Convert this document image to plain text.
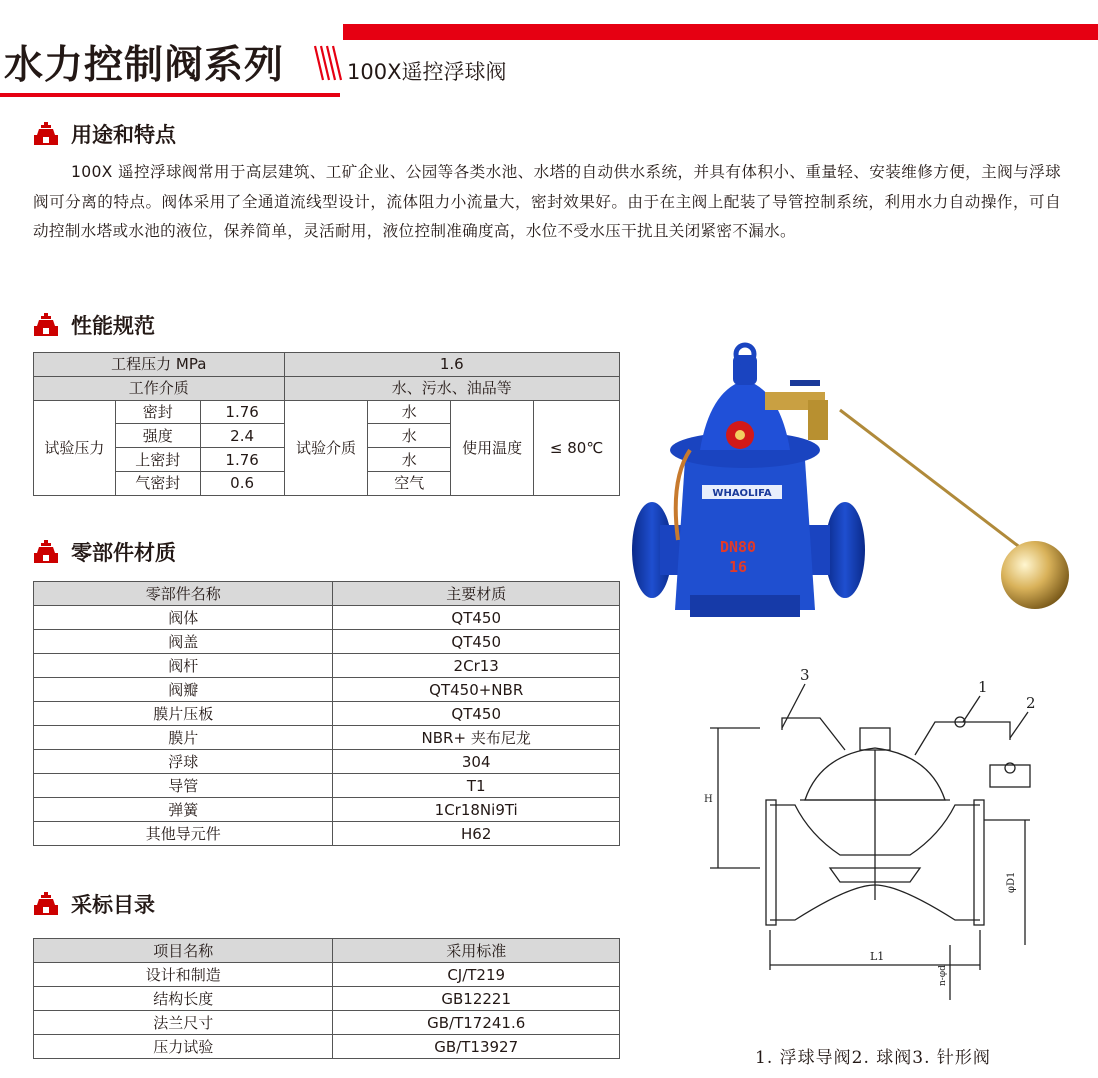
水力控制阀系列	100X遥控浮球阀
用途和特点

100X 遥控浮球阀常用于高层建筑、工矿企业、公园等各类水池、水塔的自动供水系统，并具有体积小、重量轻、安装维修方便，主阀与浮球阀可分离的特点。阀体采用了全通道流线型设计，流体阻力小流量大，密封效果好。由于在主阀上配装了导管控制系统，利用水力自动操作，可自动控制水塔或水池的液位，保养简单，灵活耐用，液位控制准确度高，水位不受水压干扰且关闭紧密不漏水。

性能规范
工程压力 MPa			1.6			
工作介质			水、污水、油品等			
试验压力	密封	1.76	试验介质	水	使用温度	≤ 80℃
	强度	2.4		水		
	上密封	1.76		水		
	气密封	0.6		空气		
零部件材质
零部件名称	主要材质
阀体	QT450
阀盖	QT450
阀杆	2Cr13
阀瓣	QT450+NBR
膜片压板	QT450
膜片	NBR+ 夹布尼龙
浮球	304
导管	T1
弹簧	1Cr18Ni9Ti
其他导元件	H62
采标目录
项目名称	采用标准
设计和制造	CJ/T219
结构长度	GB12221
法兰尺寸	GB/T17241.6
压力试验	GB/T13927
WHAOLIFA
DN80
16
H
3
1
2
L1
φD1
n-φd
1. 浮球导阀2. 球阀3. 针形阀
